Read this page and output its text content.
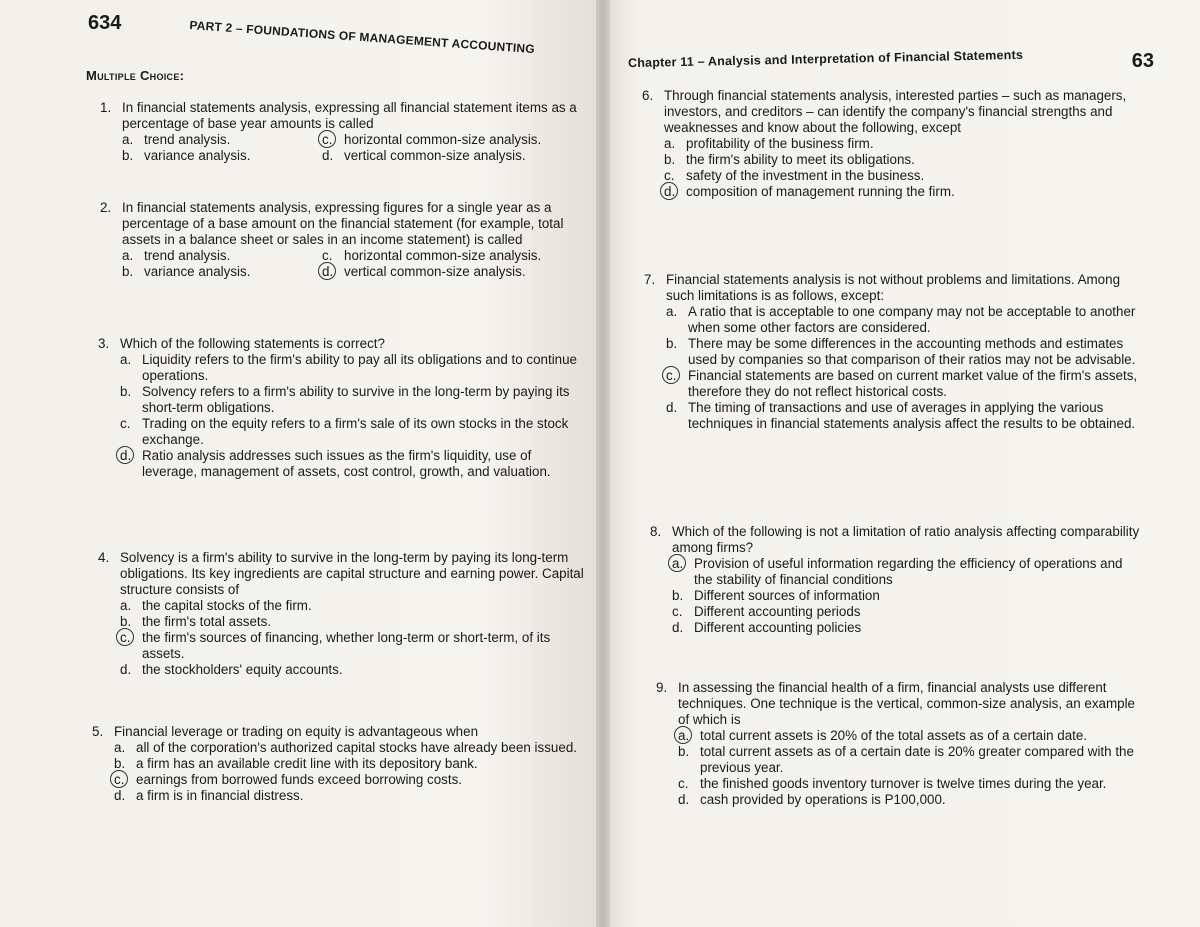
634	PART 2 – FOUNDATIONS OF MANAGEMENT ACCOUNTING
Multiple Choice:
1. In financial statements analysis, expressing all financial statement items as a percentage of base year amounts is called
a. trend analysis.	c. horizontal common-size analysis.
b. variance analysis.	d. vertical common-size analysis.
2. In financial statements analysis, expressing figures for a single year as a percentage of a base amount on the financial statement (for example, total assets in a balance sheet or sales in an income statement) is called
a. trend analysis.	c. horizontal common-size analysis.
b. variance analysis.	d. vertical common-size analysis.
3. Which of the following statements is correct?
a. Liquidity refers to the firm's ability to pay all its obligations and to continue operations.
b. Solvency refers to a firm's ability to survive in the long-term by paying its short-term obligations.
c. Trading on the equity refers to a firm's sale of its own stocks in the stock exchange.
d. Ratio analysis addresses such issues as the firm's liquidity, use of leverage, management of assets, cost control, growth, and valuation.
4. Solvency is a firm's ability to survive in the long-term by paying its long-term obligations. Its key ingredients are capital structure and earning power. Capital structure consists of
a. the capital stocks of the firm.
b. the firm's total assets.
c. the firm's sources of financing, whether long-term or short-term, of its assets.
d. the stockholders' equity accounts.
5. Financial leverage or trading on equity is advantageous when
a. all of the corporation's authorized capital stocks have already been issued.
b. a firm has an available credit line with its depository bank.
c. earnings from borrowed funds exceed borrowing costs.
d. a firm is in financial distress.
63
Chapter 11 – Analysis and Interpretation of Financial Statements
6. Through financial statements analysis, interested parties – such as managers, investors, and creditors – can identify the company's financial strengths and weaknesses and know about the following, except
a. profitability of the business firm.
b. the firm's ability to meet its obligations.
c. safety of the investment in the business.
d. composition of management running the firm.
7. Financial statements analysis is not without problems and limitations. Among such limitations is as follows, except:
a. A ratio that is acceptable to one company may not be acceptable to another when some other factors are considered.
b. There may be some differences in the accounting methods and estimates used by companies so that comparison of their ratios may not be advisable.
c. Financial statements are based on current market value of the firm's assets, therefore they do not reflect historical costs.
d. The timing of transactions and use of averages in applying the various techniques in financial statements analysis affect the results to be obtained.
8. Which of the following is not a limitation of ratio analysis affecting comparability among firms?
a. Provision of useful information regarding the efficiency of operations and the stability of financial conditions
b. Different sources of information
c. Different accounting periods
d. Different accounting policies
9. In assessing the financial health of a firm, financial analysts use different techniques. One technique is the vertical, common-size analysis, an example of which is
a. total current assets is 20% of the total assets as of a certain date.
b. total current assets as of a certain date is 20% greater compared with the previous year.
c. the finished goods inventory turnover is twelve times during the year.
d. cash provided by operations is P100,000.
